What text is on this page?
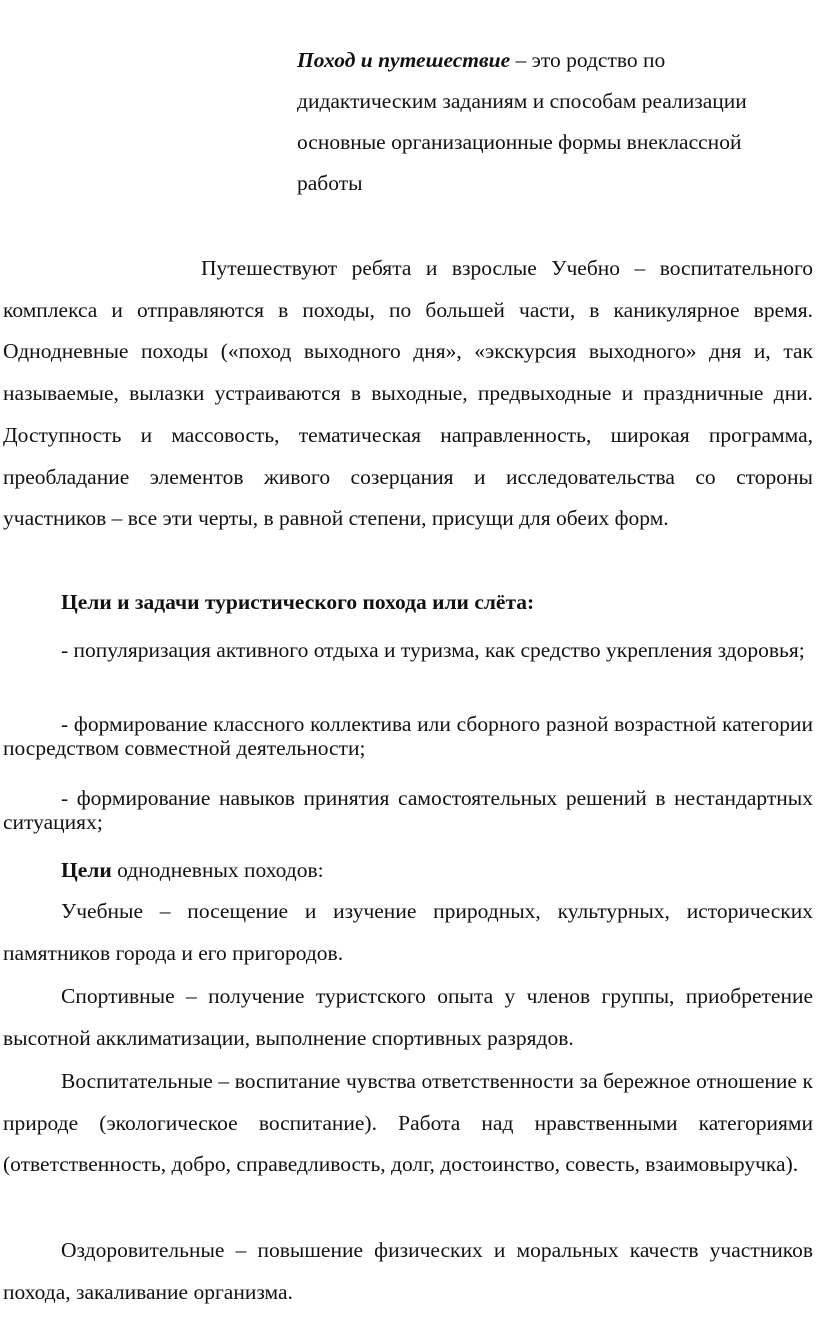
Поход и путешествие – это родство по дидактическим заданиям и способам реализации основные организационные формы внеклассной работы

Путешествуют ребята и взрослые Учебно – воспитательного комплекса и отправляются в походы, по большей части, в каникулярное время. Однодневные походы («поход выходного дня», «экскурсия выходного» дня и, так называемые, вылазки устраиваются в выходные, предвыходные и праздничные дни. Доступность и массовость, тематическая направленность, широкая программа, преобладание элементов живого созерцания и исследовательства со стороны участников – все эти черты, в равной степени, присущи для обеих форм.

Цели и задачи туристического похода или слёта:

- популяризация активного отдыха и туризма, как средство укрепления здоровья;

- формирование классного коллектива или сборного разной возрастной категории посредством совместной деятельности;

- формирование навыков принятия самостоятельных решений в нестандартных ситуациях;

Цели однодневных походов:

Учебные – посещение и изучение природных, культурных, исторических памятников города и его пригородов.

Спортивные – получение туристского опыта у членов группы, приобретение высотной акклиматизации, выполнение спортивных разрядов.

Воспитательные – воспитание чувства ответственности за бережное отношение к природе (экологическое воспитание). Работа над нравственными категориями (ответственность, добро, справедливость, долг, достоинство, совесть, взаимовыручка).

Оздоровительные – повышение физических и моральных качеств участников похода, закаливание организма.
